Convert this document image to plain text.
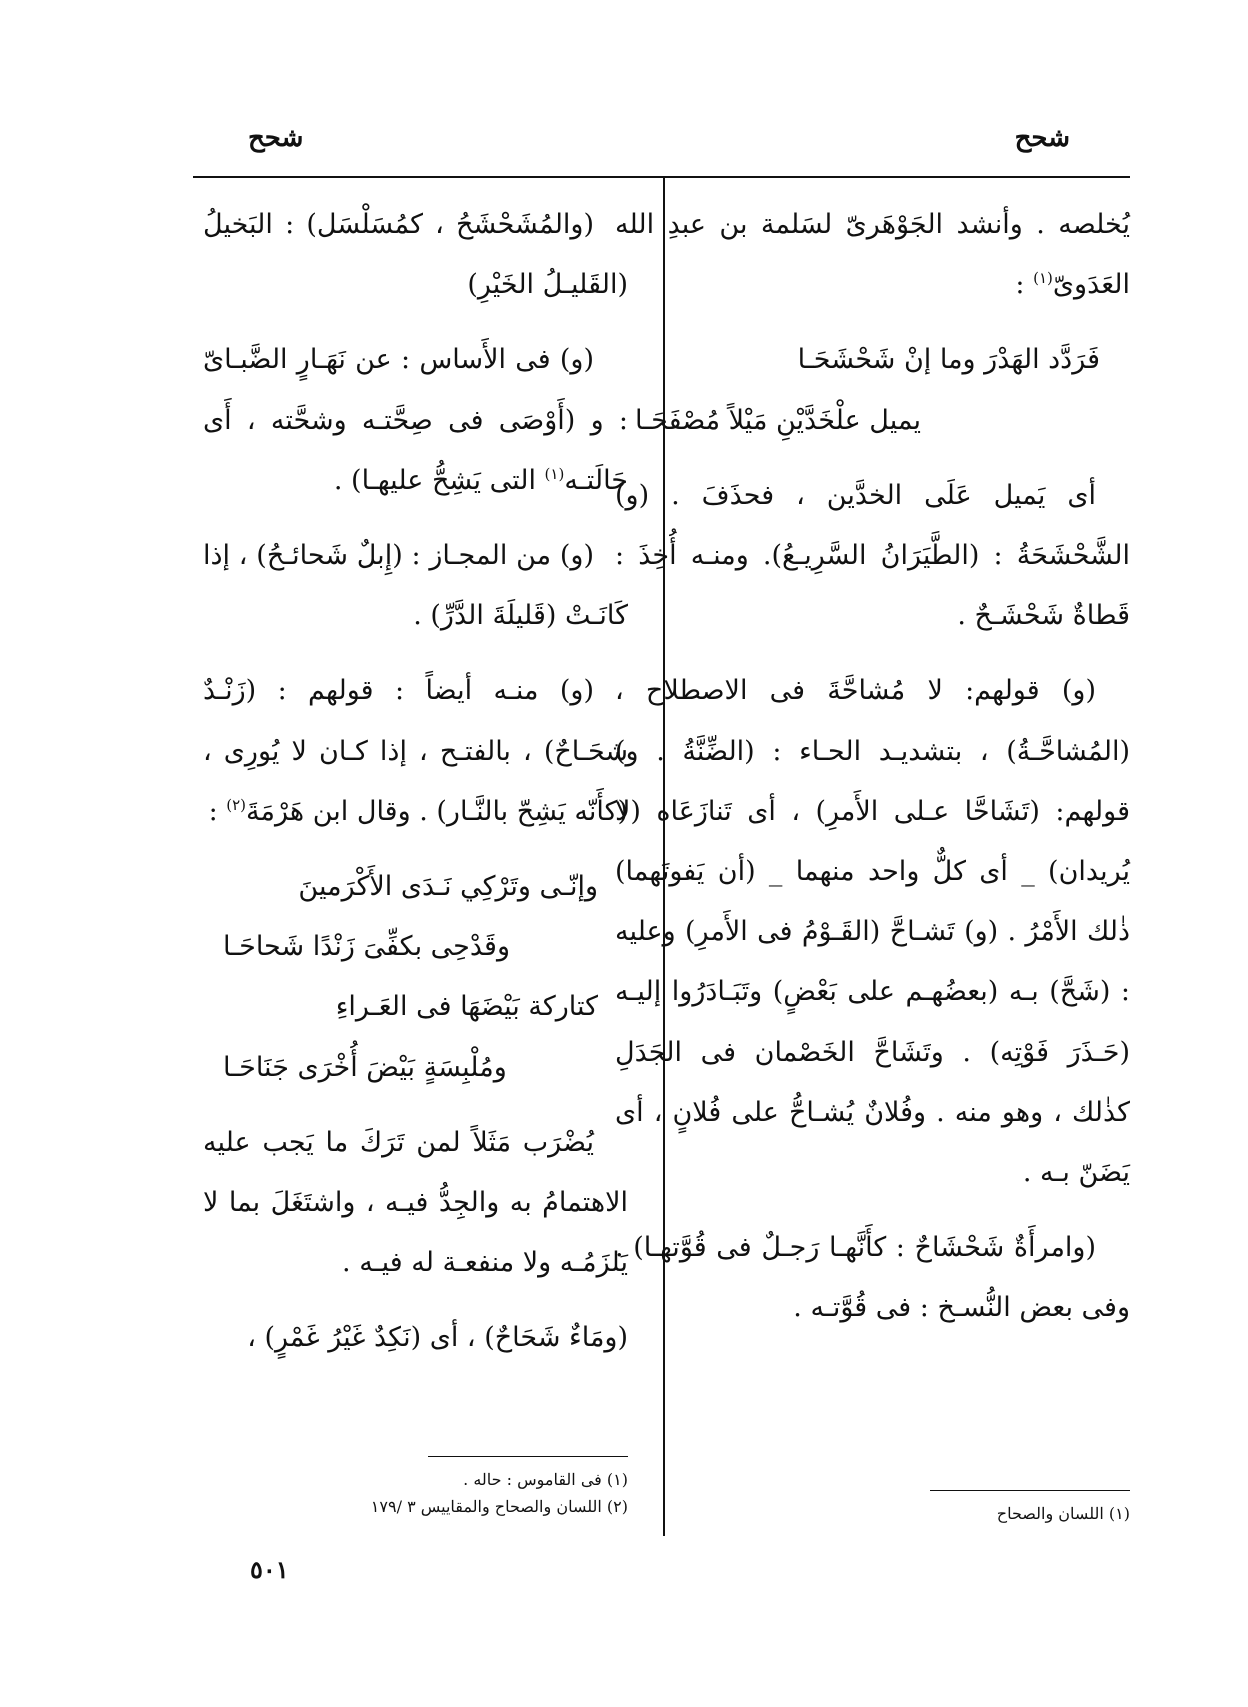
شحح
شحح

يُخلصه . وأنشد الجَوْهَرىّ لسَلمة بن عبدِ الله العَدَوىّ$^{(١)}$ :

فَرَدَّد الهَدْرَ وما إنْ شَحْشَحَـا
يميل علْخَدَّيْنِ مَيْلاً مُصْفَحَـا

أى يَميل عَلَى الخدَّين ، فحذَفَ . (و) الشَّحْشَحَةُ : (الطَّيَرَانُ السَّرِيـعُ). ومنـه أُخِذَ : قَطاةٌ شَحْشَـحٌ .

(و) قولهم: لا مُشاحَّةَ فى الاصطلاح ، (المُشاحَّـةُ) ، بتشديـد الحـاء : (الضِّنَّةُ . و) قولهم: (تَشَاحَّا عـلى الأَمرِ) ، أى تَنازَعَاه (لا يُريدان) _ أى كلٌّ واحد منهما _ (أن يَفوتَهما) ذٰلك الأَمْرُ . (و) تَشـاحَّ (القَـوْمُ فى الأَمرِ) وعليه : (شَحَّ) بـه (بعضُهـم على بَعْضٍ) وتَبَـادَرُوا إليـه (حَـذَرَ فَوْتِه) . وتَشَاحَّ الخَصْمان فى الجَدَلِ كذٰلك ، وهو منه . وفُلانٌ يُشـاحُّ على فُلانٍ ، أى يَضَنّ بـه .

(وامرأَةٌ شَحْشَاحٌ : كأَنَّهـا رَجـلٌ فى قُوَّتهـا) . وفى بعض النُّسـخ : فى قُوَّتـه .

(والمُشَحْشَحُ ، كمُسَلْسَل) : البَخيلُ (القَليـلُ الخَيْرِ)

(و) فى الأَساس : عن نَهَـارٍ الضَّبـاىّ : و (أَوْصَى فى صِحَّتـه وشحَّته ، أَى حَالَتـه$^{(١)}$ التى يَشِحُّ عليهـا) .

(و) من المجـاز : (إِبلٌ شَحائـحُ) ، إذا كَانَـتْ (قَليلَةَ الدَّرِّ) .

(و) منـه أيضاً : قولهم : (زَنْـدٌ شحَـاحٌ) ، بالفتـح ، إذا كـان لا يُورِى ، (كأَنّه يَشِحّ بالنَّـار) . وقال ابن هَرْمَةَ$^{(٢)}$ :

وإنّـى وتَرْكِي نَـدَى الأَكْرَمينَ
وقَدْحِى بكفِّىَ زَنْدًا شَحاحَـا
كتاركة بَيْضَهَا فى العَـراءِ
ومُلْبِسَةٍ بَيْضَ أُخْرَى جَنَاحَـا

يُضْرَب مَثَلاً لمن تَرَكَ ما يَجب عليه الاهتمامُ به والجِدُّ فيـه ، واشتَغَلَ بما لا يَلزَمُـه ولا منفعـة له فيـه .

(ومَاءٌ شَحَاحٌ) ، أى (نَكِدٌ غَيْرُ غَمْرٍ) ،

(١) اللسان والصحاح
(١) فى القاموس : حاله .
(٢) اللسان والصحاح والمقاييس ٣ /١٧٩
٥٠١
